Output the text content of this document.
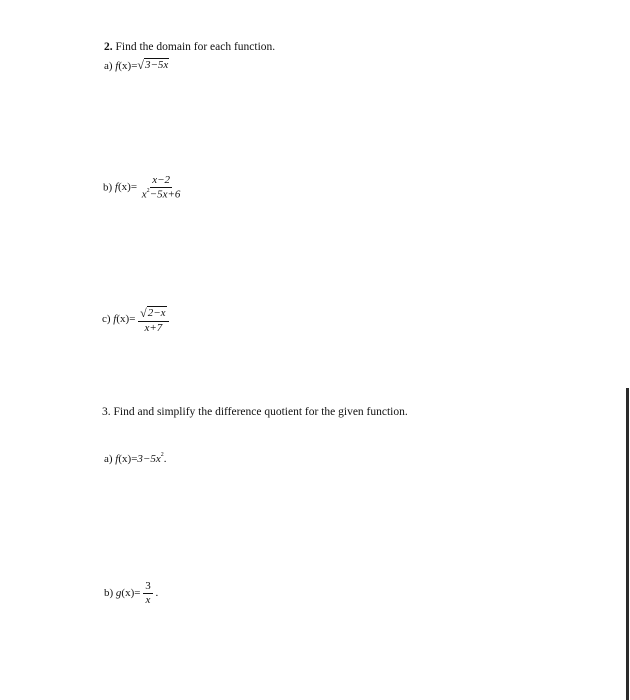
2. Find the domain for each function.
a) f(x)= √ 3−5x
b) $f(x)= \frac{x-2}{x^2-5x+6}$
c) $f(x)= \frac{√ 2-x}{x+7}$
3. Find and simplify the difference quotient for the given function.
a) $f(x)=3-5x^2$.
b) $g(x)= \frac{3}{x}$ .
